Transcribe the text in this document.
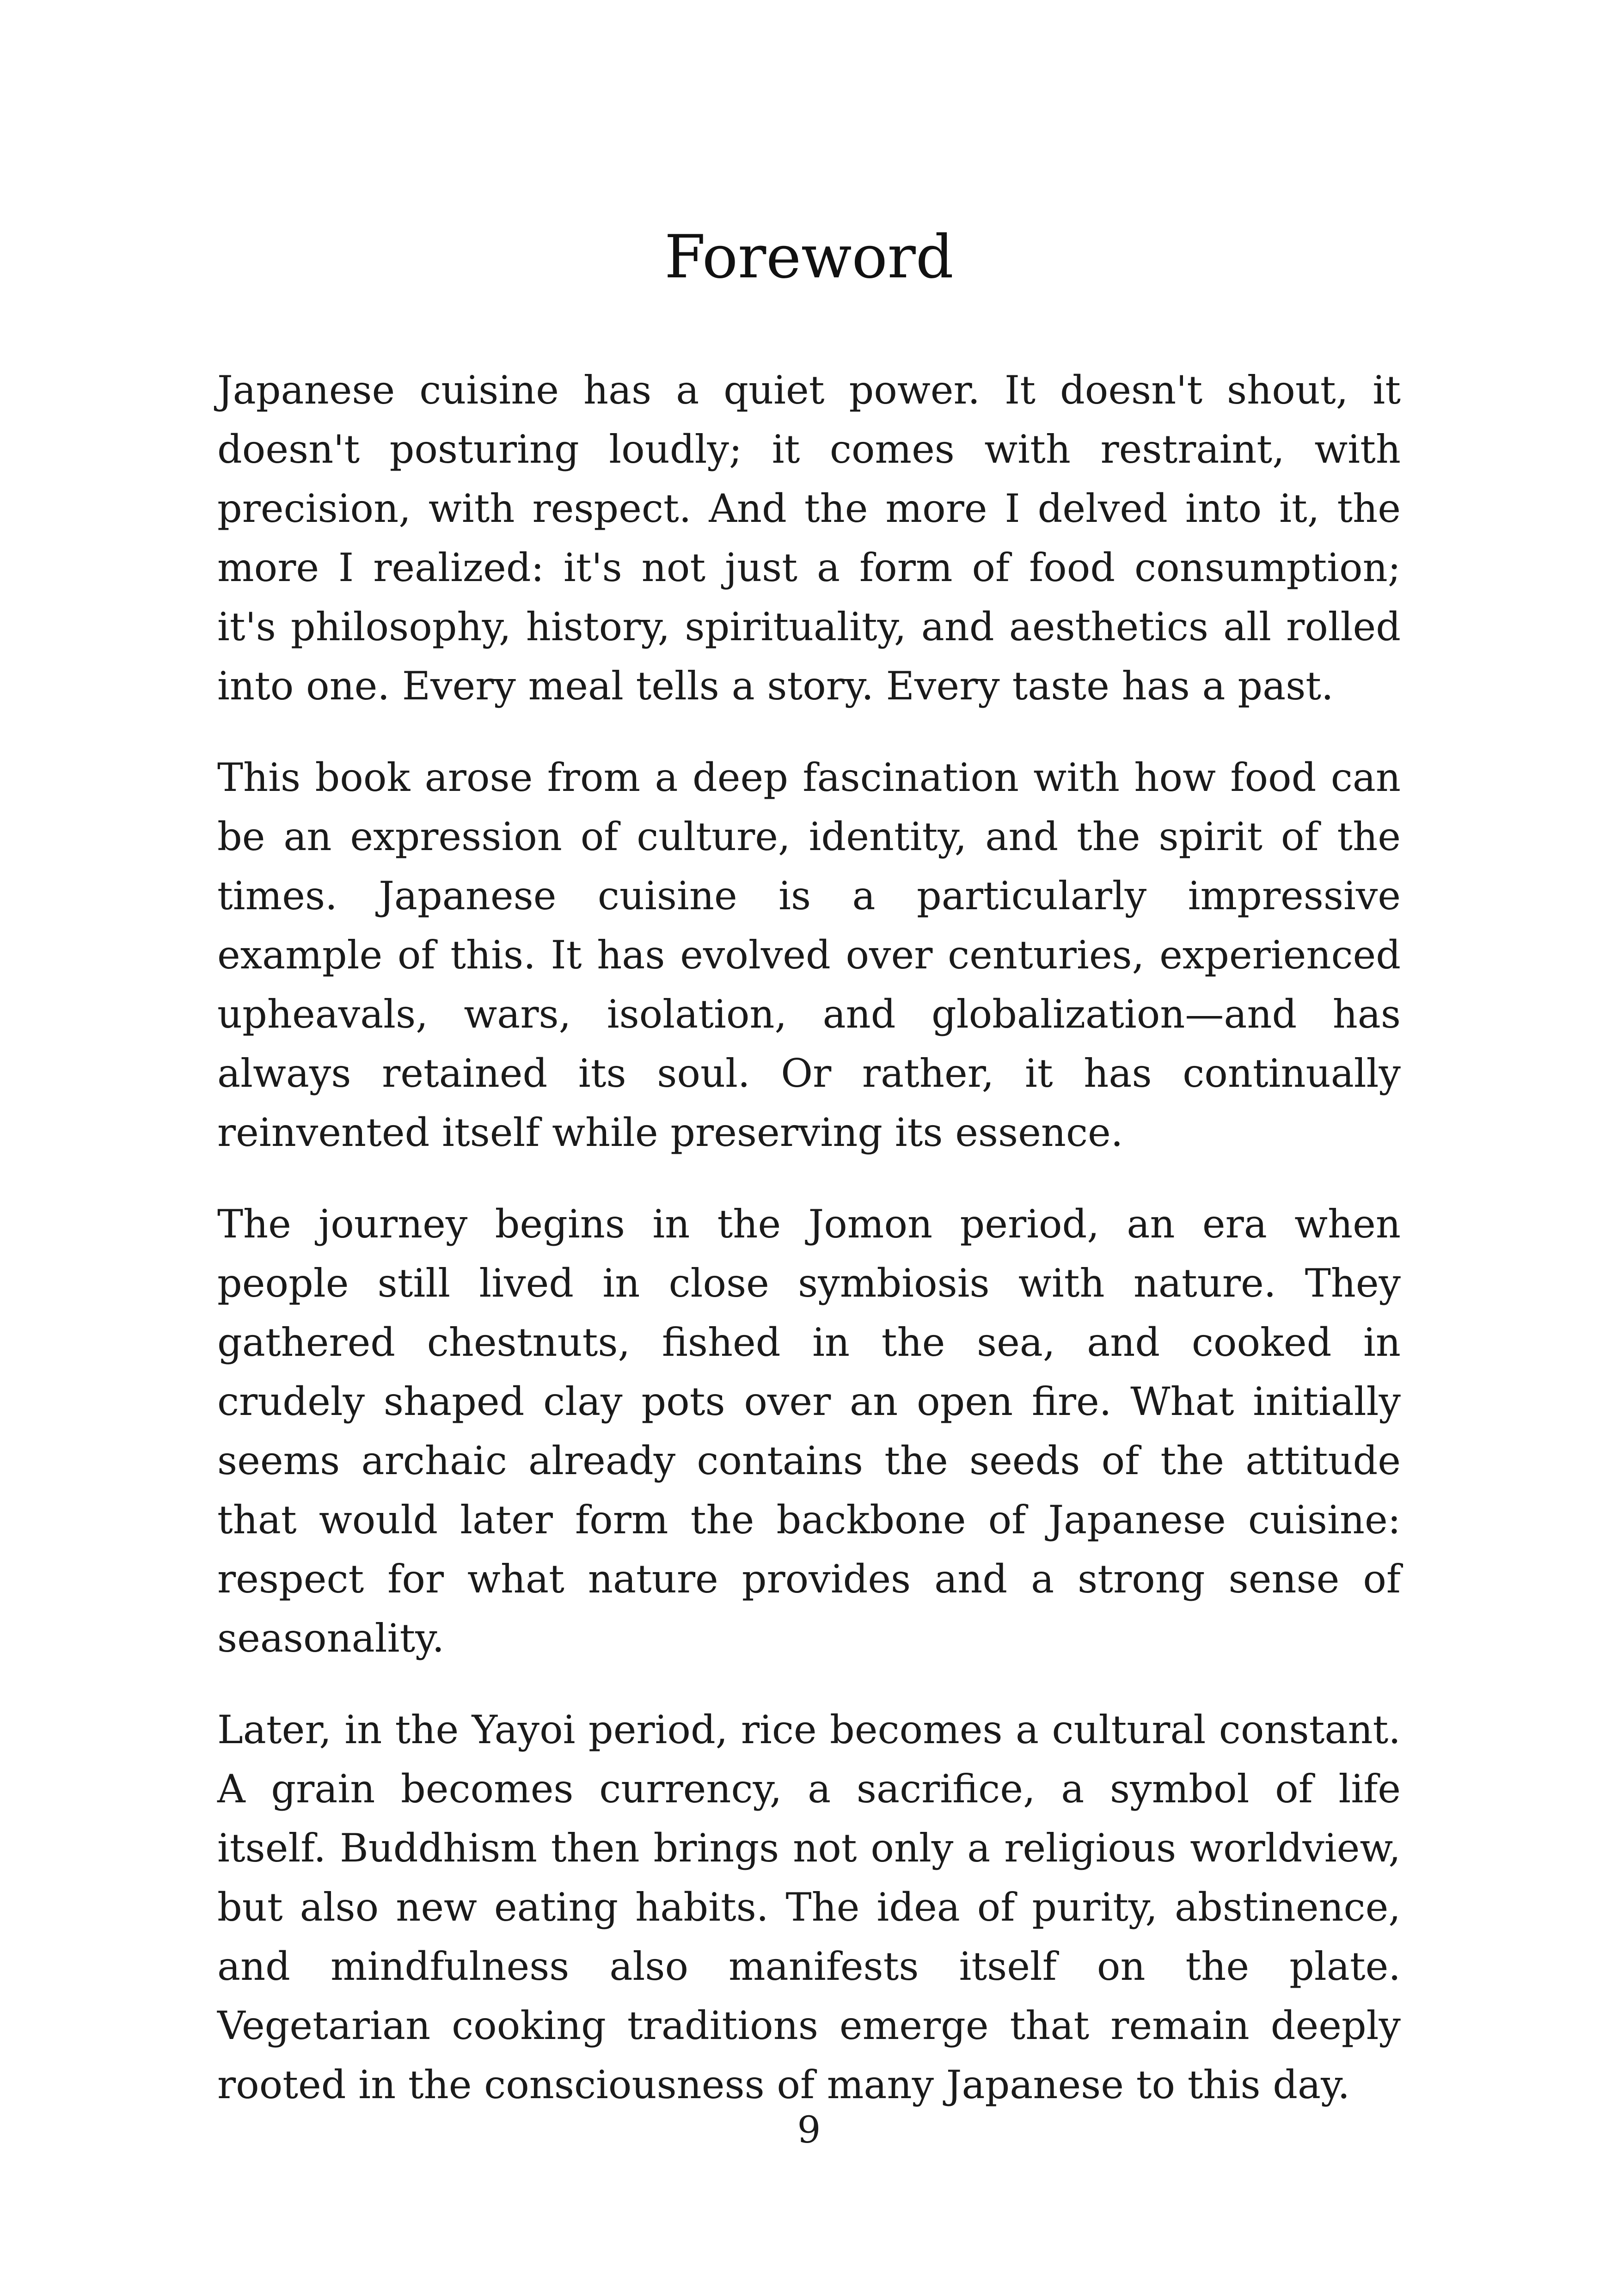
Foreword

Japanese cuisine has a quiet power. It doesn't shout, it doesn't posturing loudly; it comes with restraint, with precision, with respect. And the more I delved into it, the more I realized: it's not just a form of food consumption; it's philosophy, history, spirituality, and aesthetics all rolled into one. Every meal tells a story. Every taste has a past.

This book arose from a deep fascination with how food can be an expression of culture, identity, and the spirit of the times. Japanese cuisine is a particularly impressive example of this. It has evolved over centuries, experienced upheavals, wars, isolation, and globalization—and has always retained its soul. Or rather, it has continually reinvented itself while preserving its essence.

The journey begins in the Jomon period, an era when people still lived in close symbiosis with nature. They gathered chestnuts, fished in the sea, and cooked in crudely shaped clay pots over an open fire. What initially seems archaic already contains the seeds of the attitude that would later form the backbone of Japanese cuisine: respect for what nature provides and a strong sense of seasonality.

Later, in the Yayoi period, rice becomes a cultural constant. A grain becomes currency, a sacrifice, a symbol of life itself. Buddhism then brings not only a religious worldview, but also new eating habits. The idea of purity, abstinence, and mindfulness also manifests itself on the plate. Vegetarian cooking traditions emerge that remain deeply rooted in the consciousness of many Japanese to this day.

9
